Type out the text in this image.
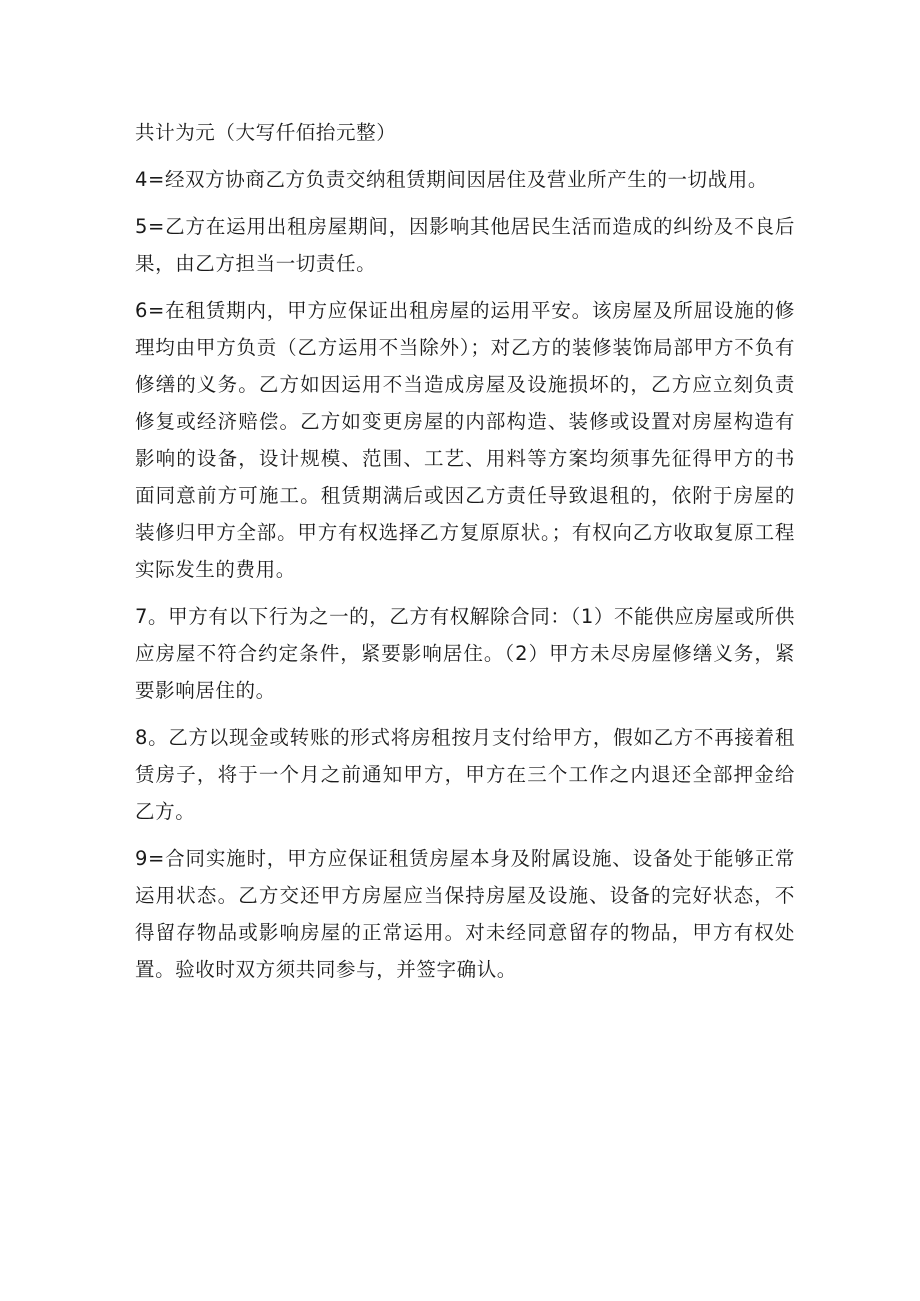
共计为元（大写仟佰抬元整）

4=经双方协商乙方负责交纳租赁期间因居住及营业所产生的一切战用。

5=乙方在运用出租房屋期间，因影响其他居民生活而造成的纠纷及不良后果，由乙方担当一切责任。

6=在租赁期内，甲方应保证出租房屋的运用平安。该房屋及所屈设施的修理均由甲方负贡（乙方运用不当除外）；对乙方的装修装饰局部甲方不负有修缮的义务。乙方如因运用不当造成房屋及设施损坏的，乙方应立刻负责修复或经济赔偿。乙方如变更房屋的内部构造、装修或设置对房屋构造有影响的设备，设计规模、范围、工艺、用料等方案均须事先征得甲方的书面同意前方可施工。租赁期满后或因乙方责任导致退租的，依附于房屋的装修归甲方全部。甲方有权选择乙方复原原状。；有权向乙方收取复原工程实际发生的费用。

7。甲方有以下行为之一的，乙方有权解除合同：（1）不能供应房屋或所供应房屋不符合约定条件，紧要影响居住。（2）甲方未尽房屋修缮义务，紧要影响居住的。

8。乙方以现金或转账的形式将房租按月支付给甲方，假如乙方不再接着租赁房子，将于一个月之前通知甲方，甲方在三个工作之内退还全部押金给乙方。

9=合同实施时，甲方应保证租赁房屋本身及附属设施、设备处于能够正常运用状态。乙方交还甲方房屋应当保持房屋及设施、设备的完好状态，不得留存物品或影响房屋的正常运用。对未经同意留存的物品，甲方有权处置。验收时双方须共同参与，并签字确认。
